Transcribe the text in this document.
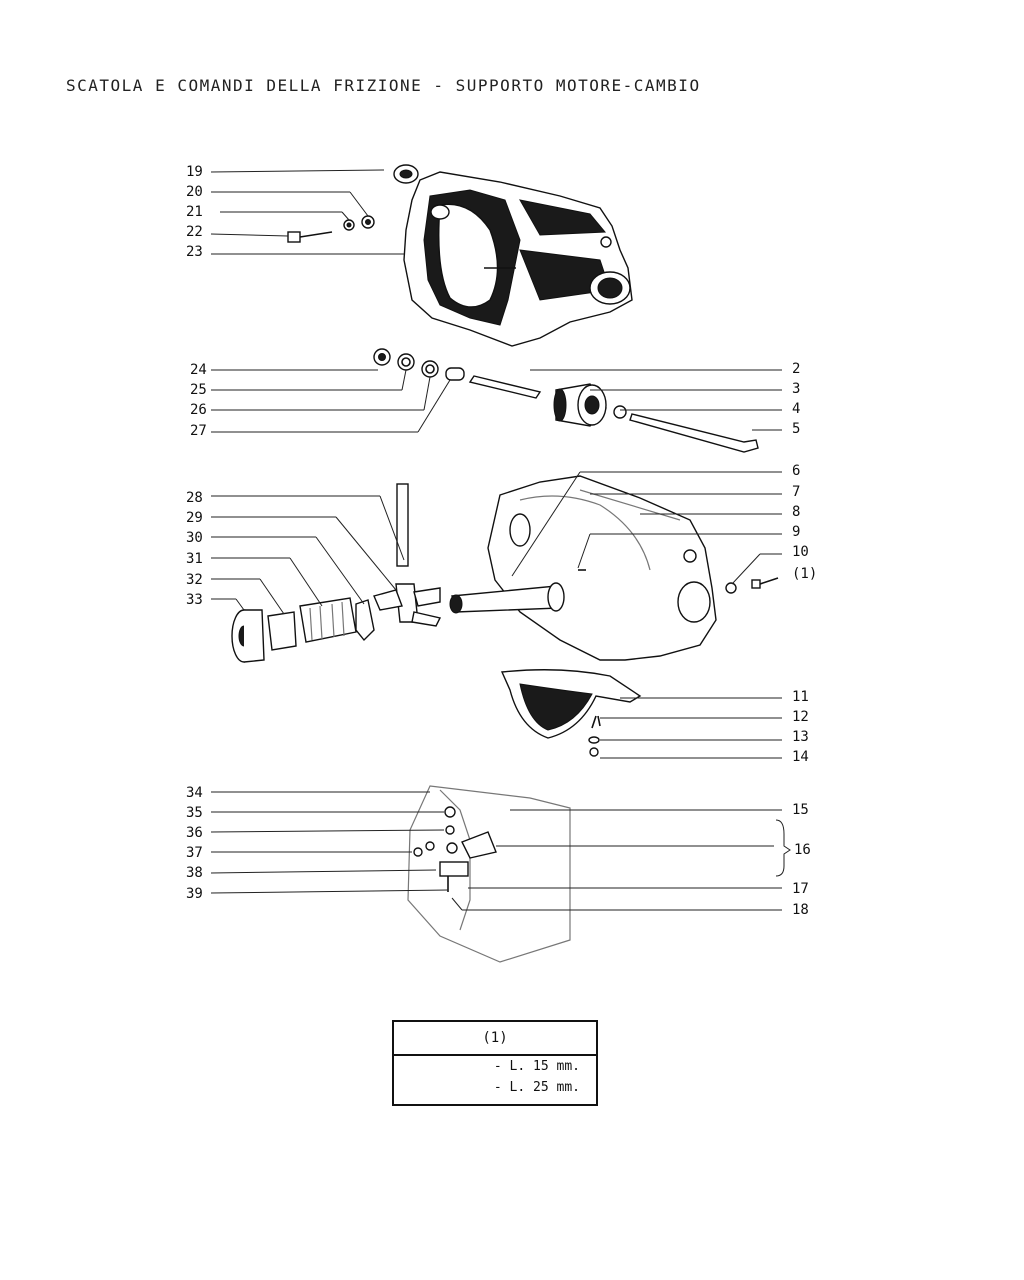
SCATOLA E COMANDI DELLA FRIZIONE - SUPPORTO MOTORE-CAMBIO
19
20
21
22
23
24
25
26
27
2
3
4
5
6
7
8
9
10
(1)
28
29
30
31
32
33
11
12
13
14
34
35
36
37
38
39
15
16
17
18
(1)
- L. 15 mm.
- L. 25 mm.
